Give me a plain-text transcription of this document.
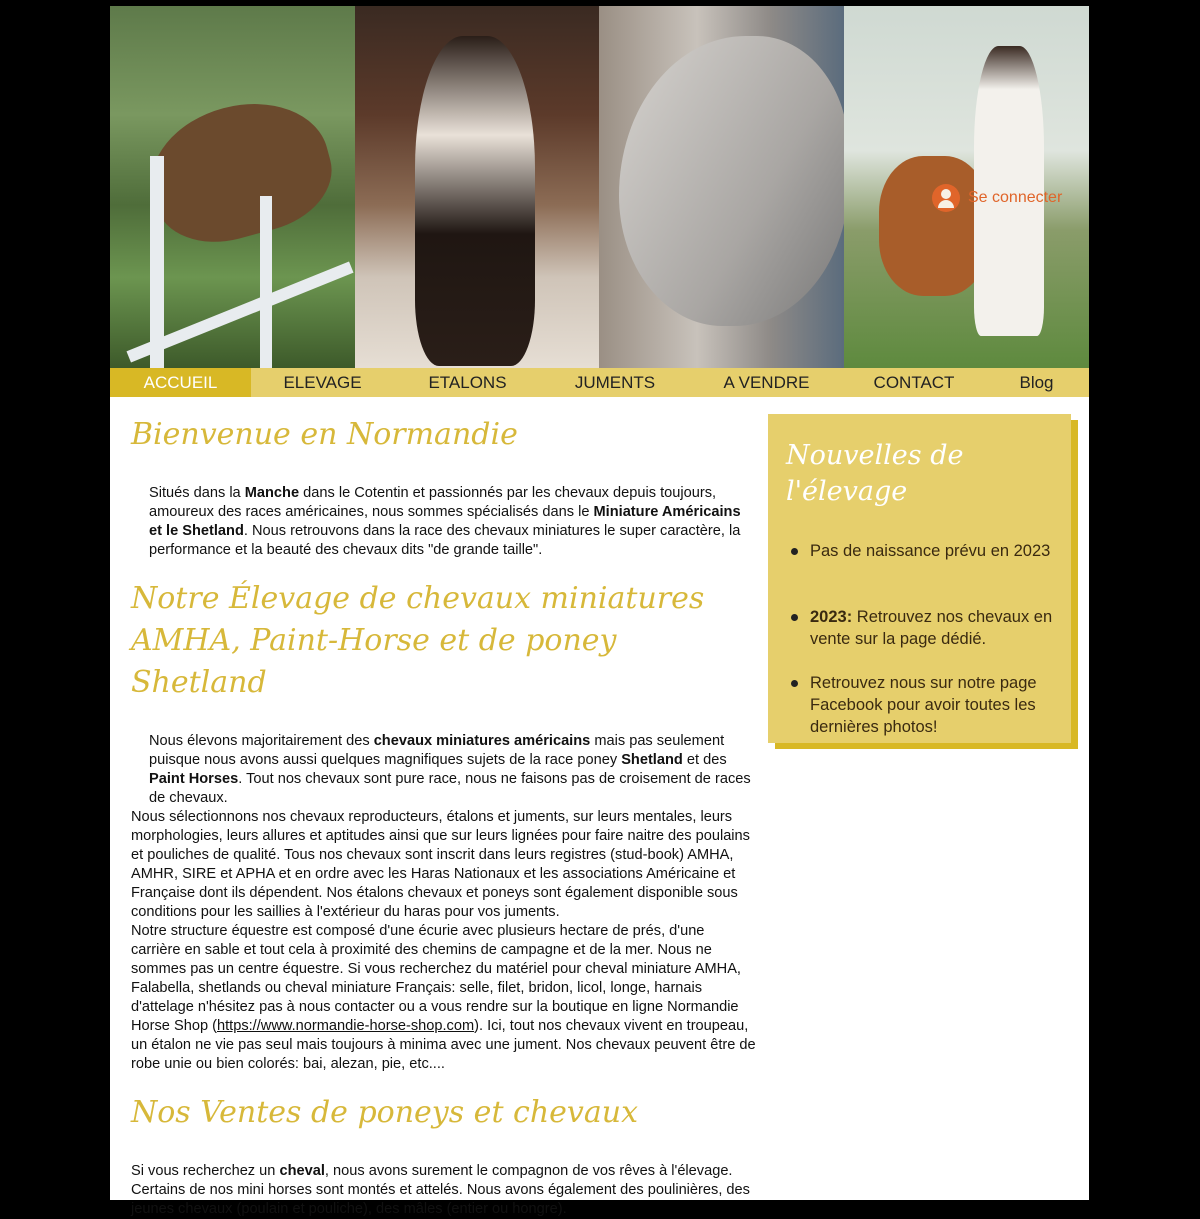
Se connecter
ACCUEIL	ELEVAGE	ETALONS	JUMENTS	A VENDRE	CONTACT	Blog
Bienvenue en Normandie

Situés dans la Manche dans le Cotentin et passionnés par les chevaux depuis toujours, amoureux des races américaines, nous sommes spécialisés dans le Miniature Américains et le Shetland. Nous retrouvons dans la race des chevaux miniatures le super caractère, la performance et la beauté des chevaux dits "de grande taille".

Notre Élevage de chevaux miniatures AMHA, Paint-Horse et de poney Shetland

Nous élevons majoritairement des chevaux miniatures américains mais pas seulement puisque nous avons aussi quelques magnifiques sujets de la race poney Shetland et des Paint Horses. Tout nos chevaux sont pure race, nous ne faisons pas de croisement de races de chevaux.

Nous sélectionnons nos chevaux reproducteurs, étalons et juments, sur leurs mentales, leurs morphologies, leurs allures et aptitudes ainsi que sur leurs lignées pour faire naitre des poulains et pouliches de qualité. Tous nos chevaux sont inscrit dans leurs registres (stud-book) AMHA, AMHR, SIRE et APHA et en ordre avec les Haras Nationaux et les associations Américaine et Française dont ils dépendent. Nos étalons chevaux et poneys sont également disponible sous conditions pour les saillies à l'extérieur du haras pour vos juments.

Notre structure équestre est composé d'une écurie avec plusieurs hectare de prés, d'une carrière en sable et tout cela à proximité des chemins de campagne et de la mer. Nous ne sommes pas un centre équestre. Si vous recherchez du matériel pour cheval miniature AMHA, Falabella, shetlands ou cheval miniature Français: selle, filet, bridon, licol, longe, harnais d'attelage n'hésitez pas à nous contacter ou a vous rendre sur la boutique en ligne Normandie Horse Shop (https://www.normandie-horse-shop.com). Ici, tout nos chevaux vivent en troupeau, un étalon ne vie pas seul mais toujours à minima avec une jument. Nos chevaux peuvent être de robe unie ou bien colorés: bai, alezan, pie, etc....

Nos Ventes de poneys et chevaux

Si vous recherchez un cheval, nous avons surement le compagnon de vos rêves à l'élevage. Certains de nos mini horses sont montés et attelés. Nous avons également des poulinières, des jeunes chevaux (poulain et pouliche), des mâles (entier ou hongre).

Nouvelles de l'élevage
Pas de naissance prévu en 2023
2023: Retrouvez nos chevaux en vente sur la page dédié.
Retrouvez nous sur notre page Facebook pour avoir toutes les dernières photos!
